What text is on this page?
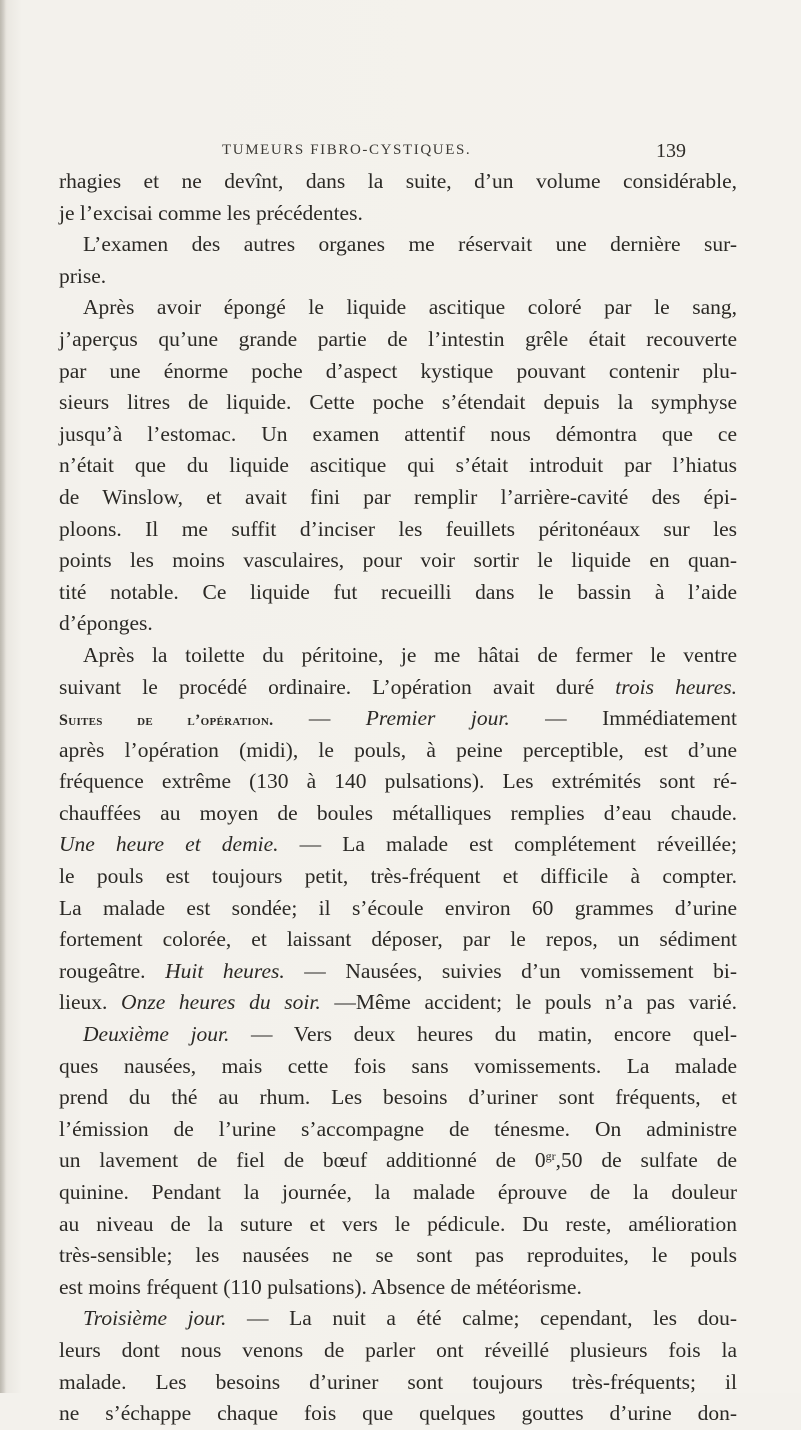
TUMEURS FIBRO-CYSTIQUES.	139
rhagies et ne devînt, dans la suite, d’un volume considérable,
je l’excisai comme les précédentes.
L’examen des autres organes me réservait une dernière sur-
prise.
Après avoir épongé le liquide ascitique coloré par le sang,
j’aperçus qu’une grande partie de l’intestin grêle était recouverte
par une énorme poche d’aspect kystique pouvant contenir plu-
sieurs litres de liquide. Cette poche s’étendait depuis la symphyse
jusqu’à l’estomac. Un examen attentif nous démontra que ce
n’était que du liquide ascitique qui s’était introduit par l’hiatus
de Winslow, et avait fini par remplir l’arrière-cavité des épi-
ploons. Il me suffit d’inciser les feuillets péritonéaux sur les
points les moins vasculaires, pour voir sortir le liquide en quan-
tité notable. Ce liquide fut recueilli dans le bassin à l’aide
d’éponges.
Après la toilette du péritoine, je me hâtai de fermer le ventre
suivant le procédé ordinaire. L’opération avait duré trois heures.
Suites de l’opération. — Premier jour. — Immédiatement
après l’opération (midi), le pouls, à peine perceptible, est d’une
fréquence extrême (130 à 140 pulsations). Les extrémités sont ré-
chauffées au moyen de boules métalliques remplies d’eau chaude.
Une heure et demie. — La malade est complétement réveillée;
le pouls est toujours petit, très-fréquent et difficile à compter.
La malade est sondée; il s’écoule environ 60 grammes d’urine
fortement colorée, et laissant déposer, par le repos, un sédiment
rougeâtre. Huit heures. — Nausées, suivies d’un vomissement bi-
lieux. Onze heures du soir. —Même accident; le pouls n’a pas varié.
Deuxième jour. — Vers deux heures du matin, encore quel-
ques nausées, mais cette fois sans vomissements. La malade
prend du thé au rhum. Les besoins d’uriner sont fréquents, et
l’émission de l’urine s’accompagne de ténesme. On administre
un lavement de fiel de bœuf additionné de $0^{gr},50$ de sulfate de
quinine. Pendant la journée, la malade éprouve de la douleur
au niveau de la suture et vers le pédicule. Du reste, amélioration
très-sensible; les nausées ne se sont pas reproduites, le pouls
est moins fréquent (110 pulsations). Absence de météorisme.
Troisième jour. — La nuit a été calme; cependant, les dou-
leurs dont nous venons de parler ont réveillé plusieurs fois la
malade. Les besoins d’uriner sont toujours très-fréquents; il
ne s’échappe chaque fois que quelques gouttes d’urine don-
